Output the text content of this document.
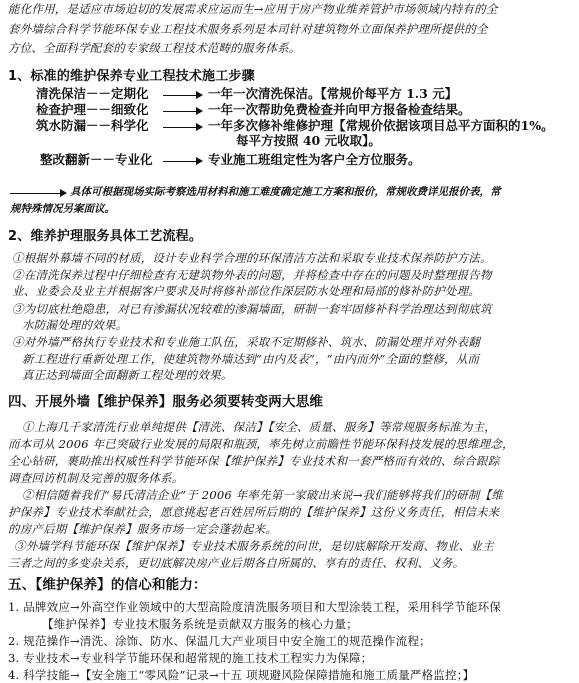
能化作用，是适应市场迫切的发展需求应运而生→应用于房产物业维养管护市场领域内特有的全
套外墙综合科学节能环保专业工程技术服务系列是本司针对建筑物外立面保养护理所提供的全
方位、全面科学配套的专家级工程技术范畴的服务体系。
1、标准的维护保养专业工程技术施工步骤
清洗保洁－－定期化	一年一次清洗保洁。【常规价每平方 1.3 元】
检查护理－－细致化	一年一次帮助免费检查并向甲方报备检查结果。
筑水防漏－－科学化	一年多次修补维修护理【常规价依据该项目总平方面积的1%。
每平方按照 40 元收取】。
整改翻新－－专业化	专业施工班组定性为客户全方位服务。
具体可根据现场实际考察选用材料和施工难度确定施工方案和报价，常规收费详见报价表，常
规特殊情况另案面议。
2、维养护理服务具体工艺流程。
①根据外幕墙不同的材质，设计专业科学合理的环保清洁方法和采取专业技术保养防护方法。
②在清洗保养过程中仔细检查有无建筑物外表的问题，并将检查中存在的问题及时整理报告物
业、业委会及业主并根据客户要求及时将修补部位作深层防水处理和局部的修补防护处理。
③为切底杜绝隐患，对已有渗漏状况较难的渗漏墙面，研制一套牢固修补科学治理达到彻底筑
水防漏处理的效果。
④对外墙严格执行专业技术和专业施工队伍，采取不定期修补、筑水、防漏处理并对外表翻
新工程进行重新处理工作，使建筑物外墙达到“由内及表”，“由内而外”全面的整修，从而
真正达到墙面全面翻新工程处理的效果。
四、开展外墙【维护保养】服务必须要转变两大思维
①上海几千家清洗行业单纯提供【清洗、保洁】【安全、质量、服务】等常规服务标准为主，
而本司从 2006 年已突破行业发展的局限和瓶颈，率先树立前瞻性节能环保科技发展的思维理念，
全心钻研，裹助推出权威性科学节能环保【维护保养】专业技术和一套严格而有效的、综合跟踪
调查回访机制及完善的服务体系。
②相信随着我们“易氏清洁企业”于 2006 年率先第一家破出来说→我们能够将我们的研制【维
护保养】专业技术奉献社会，愿意挑起老百姓居所后期的【维护保养】这份义务责任，相信未来
的房产后期【维护保养】服务市场一定会蓬勃起来。
③外墙学科节能环保【维护保养】专业技术服务系统的问世，是切底解除开发商、物业、业主
三者之间的多变杂关系，更切底解决房产业后期各自所属的、享有的责任、权利、义务。
五、【维护保养】的信心和能力：
1. 品牌效应→外高空作业领域中的大型高险度清洗服务项目和大型涂装工程，采用科学节能环保
【维护保养】专业技术服务系统是贡献双方服务的核心力量；
2. 规范操作→清洗、涂饰、防水、保温几大产业项目中安全施工的规范操作流程；
3. 专业技术→专业科学节能环保和超常规的施工技术工程实力为保障；
4. 科学技能→【安全施工“零风险”记录→十五 项规避风险保障措施和施工质量严格监控；】
